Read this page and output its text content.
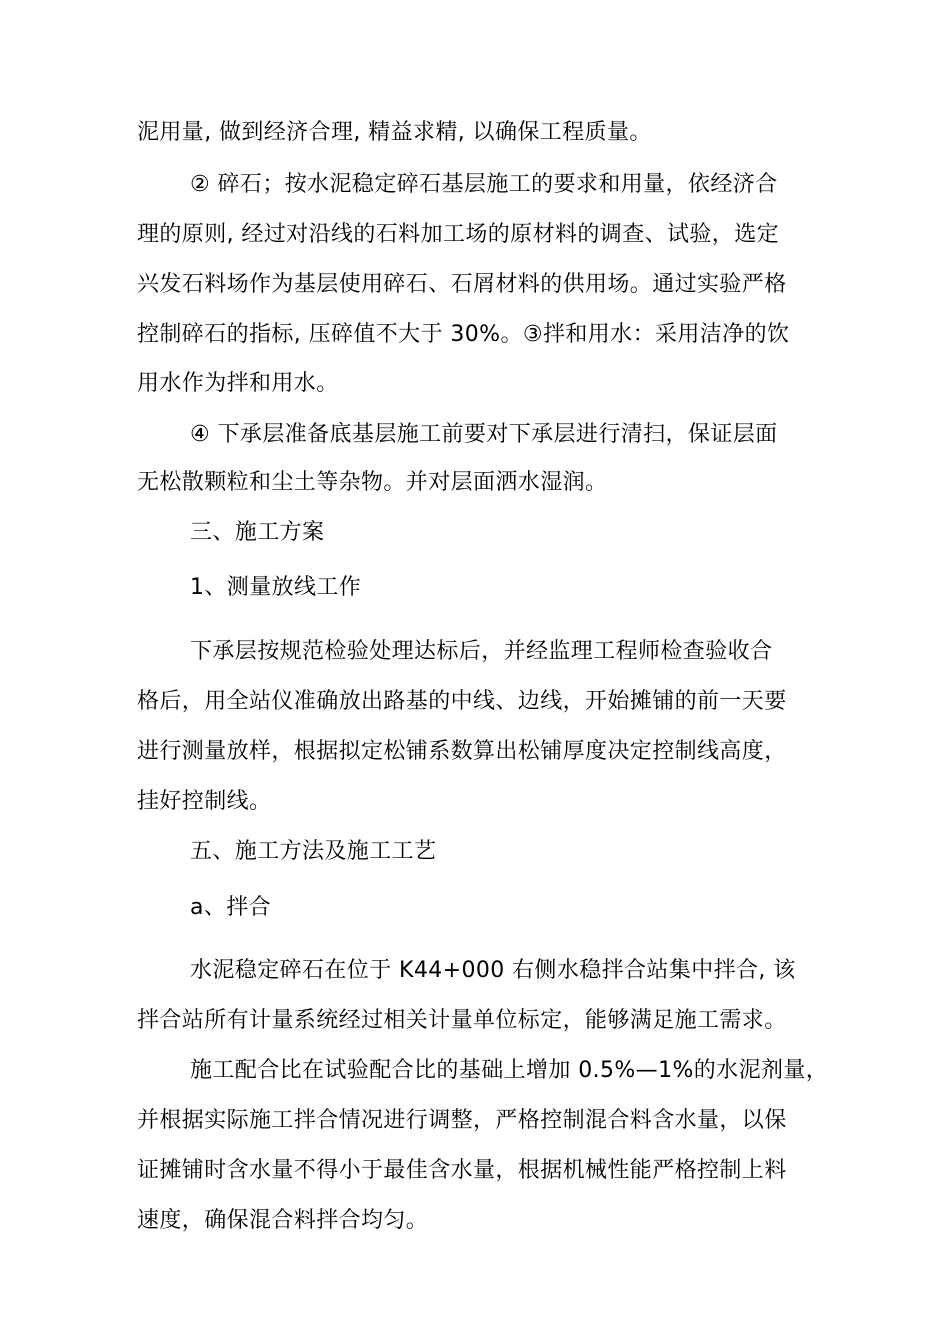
泥用量, 做到经济合理, 精益求精, 以确保工程质量。
② 碎石；按水泥稳定碎石基层施工的要求和用量，依经济合
理的原则, 经过对沿线的石料加工场的原材料的调查、试验，选定
兴发石料场作为基层使用碎石、石屑材料的供用场。通过实验严格
控制碎石的指标, 压碎值不大于 30%。③拌和用水：采用洁净的饮
用水作为拌和用水。
④ 下承层准备底基层施工前要对下承层进行清扫，保证层面
无松散颗粒和尘土等杂物。并对层面洒水湿润。
三、施工方案
1、测量放线工作
下承层按规范检验处理达标后，并经监理工程师检查验收合
格后，用全站仪准确放出路基的中线、边线，开始摊铺的前一天要
进行测量放样，根据拟定松铺系数算出松铺厚度决定控制线高度，
挂好控制线。
五、施工方法及施工工艺
a、拌合
水泥稳定碎石在位于 K44+000 右侧水稳拌合站集中拌合, 该
拌合站所有计量系统经过相关计量单位标定，能够满足施工需求。
施工配合比在试验配合比的基础上增加 0.5%—1%的水泥剂量，
并根据实际施工拌合情况进行调整，严格控制混合料含水量，以保
证摊铺时含水量不得小于最佳含水量，根据机械性能严格控制上料
速度，确保混合料拌合均匀。
